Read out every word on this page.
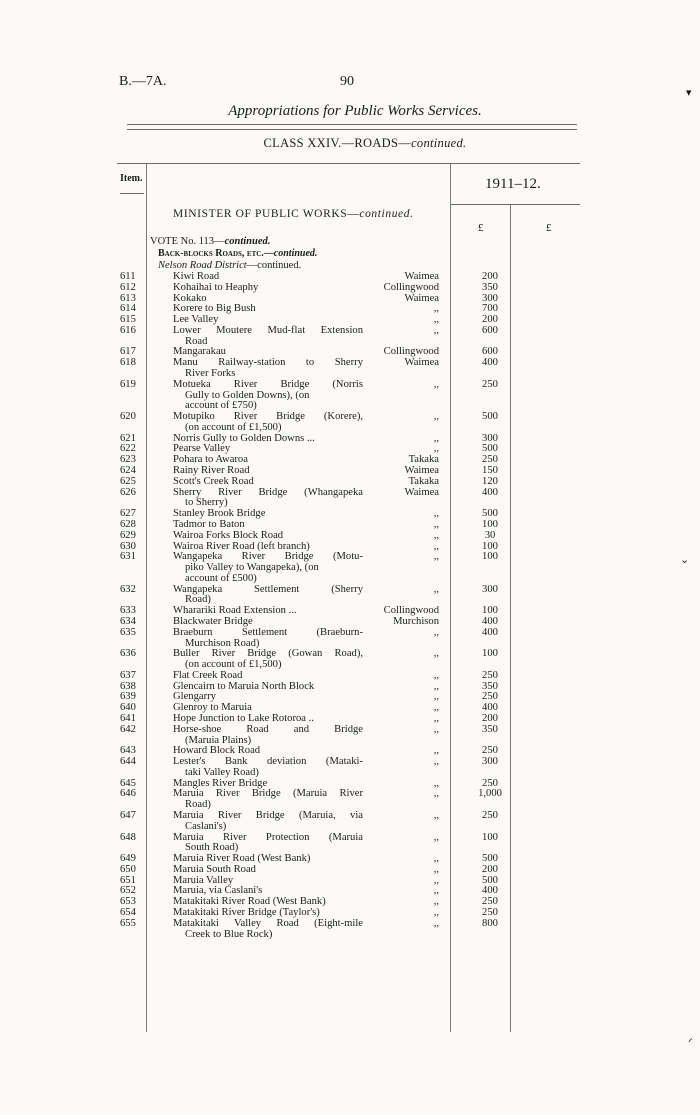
B.—7A.	90
Appropriations for Public Works Services.
CLASS XXIV.—ROADS—continued.
Item.	1911–12.
MINISTER OF PUBLIC WORKS—continued.
£	£
VOTE No. 113—continued.
Back-blocks Roads, etc.—continued.
Nelson Road District—continued.
611	Kiwi Road	Waimea	200
612	Kohaihai to Heaphy	Collingwood	350
613	Kokako	Waimea	300
614	Korere to Big Bush	,,	700
615	Lee Valley	,,	200
616	Lower Moutere Mud-flat Extension
Road
,,	600
617	Mangarakau	Collingwood	600
618	Manu Railway-station to Sherry
River Forks
Waimea	400
619	Motueka River Bridge (Norris
Gully to Golden Downs), (on
account of £750)
,,	250
620	Motupiko River Bridge (Korere),
(on account of £1,500)
,,	500
621	Norris Gully to Golden Downs ...	,,	300
622	Pearse Valley	,,	500
623	Pohara to Awaroa	Takaka	250
624	Rainy River Road	Waimea	150
625	Scott's Creek Road	Takaka	120
626	Sherry River Bridge (Whangapeka
to Sherry)
Waimea	400
627	Stanley Brook Bridge	,,	500
628	Tadmor to Baton	,,	100
629	Wairoa Forks Block Road	,,	30
630	Wairoa River Road (left branch)	,,	100
631	Wangapeka River Bridge (Motu-
piko Valley to Wangapeka), (on
account of £500)
,,	100
632	Wangapeka Settlement (Sherry
Road)
,,	300
633	Wharariki Road Extension ...	Collingwood	100
634	Blackwater Bridge	Murchison	400
635	Braeburn Settlement (Braeburn-
Murchison Road)
,,	400
636	Buller River Bridge (Gowan Road),
(on account of £1,500)
,,	100
637	Flat Creek Road	,,	250
638	Glencairn to Maruia North Block	,,	350
639	Glengarry	,,	250
640	Glenroy to Maruia	,,	400
641	Hope Junction to Lake Rotoroa ..	,,	200
642	Horse-shoe Road and Bridge
(Maruia Plains)
,,	350
643	Howard Block Road	,,	250
644	Lester's Bank deviation (Mataki-
taki Valley Road)
,,	300
645	Mangles River Bridge	,,	250
646	Maruia River Bridge (Maruia River
Road)
,,	1,000
647	Maruia River Bridge (Maruia, via
Caslani's)
,,	250
648	Maruia River Protection (Maruia
South Road)
,,	100
649	Maruia River Road (West Bank)	,,	500
650	Maruia South Road	,,	200
651	Maruia Valley	,,	500
652	Maruia, via Caslani's	,,	400
653	Matakitaki River Road (West Bank)	,,	250
654	Matakitaki River Bridge (Taylor's)	,,	250
655	Matakitaki Valley Road (Eight-mile
Creek to Blue Rock)
,,	800
▾
⌄
ᐟ
